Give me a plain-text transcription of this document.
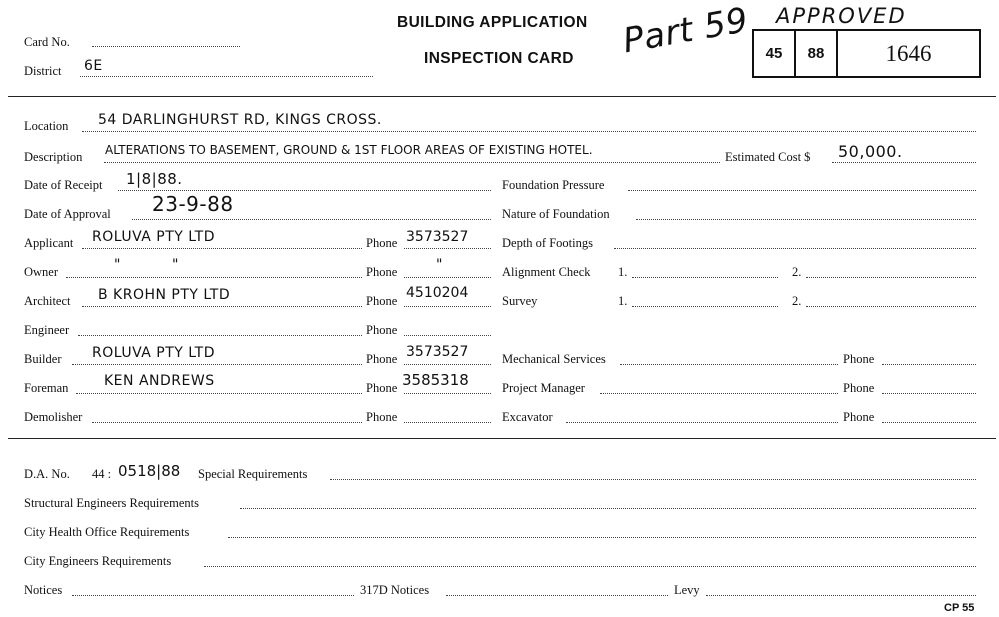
Card No.
District 6E
BUILDING APPLICATION
INSPECTION CARD Part 59 APPROVED
45	88	1646
Location 54 DARLINGHURST RD, KINGS CROSS.
Description ALTERATIONS TO BASEMENT, GROUND & 1ST FLOOR AREAS OF EXISTING HOTEL.	Estimated Cost $ 50,000.
Date of Receipt 1|8|88.
Date of Approval 23-9-88
Applicant ROLUVA PTY LTD	Phone 3573527
Owner	"	"	Phone	"
Architect B KROHN PTY LTD	Phone 4510204
Engineer	Phone
Builder ROLUVA PTY LTD	Phone 3573527
Foreman	KEN ANDREWS	Phone 3585318
Demolisher	Phone
Foundation Pressure
Nature of Foundation
Depth of Footings
Alignment Check 1.	2.
Survey	1.	2.
Mechanical Services	Phone
Project Manager	Phone
Excavator	Phone
D.A. No. 44 : 0518|88 Special Requirements
Structural Engineers Requirements
City Health Office Requirements
City Engineers Requirements
Notices	317D Notices	Levy
CP 55
